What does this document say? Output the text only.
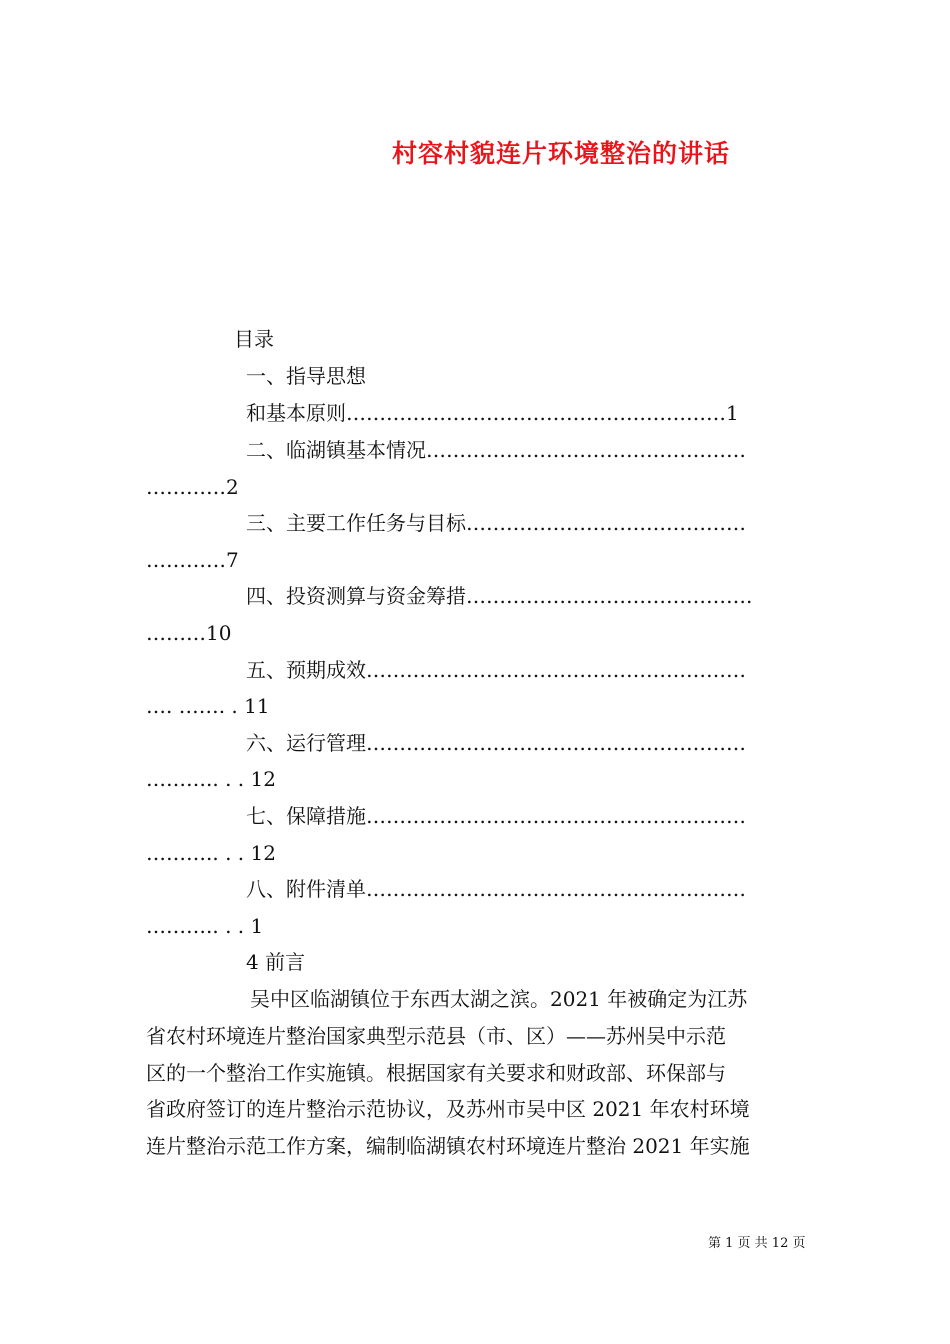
村容村貌连片环境整治的讲话
目录
一、指导思想
和基本原则…………………………………………………1
二、临湖镇基本情况…………………………………………
…………2
三、主要工作任务与目标……………………………………
…………7
四、投资测算与资金筹措…………………………………….
………10
五、预期成效…………………………………………………
…. ……. . 11
六、运行管理…………………………………………………
……….. . . 12
七、保障措施…………………………………………………
……….. . . 12
八、附件清单…………………………………………………
……….. . . 1
4 前言
吴中区临湖镇位于东西太湖之滨。2021 年被确定为江苏
省农村环境连片整治国家典型示范县（市、区）——苏州吴中示范
区的一个整治工作实施镇。根据国家有关要求和财政部、环保部与
省政府签订的连片整治示范协议，及苏州市吴中区 2021 年农村环境
连片整治示范工作方案，编制临湖镇农村环境连片整治 2021 年实施
第 1 页 共 12 页
